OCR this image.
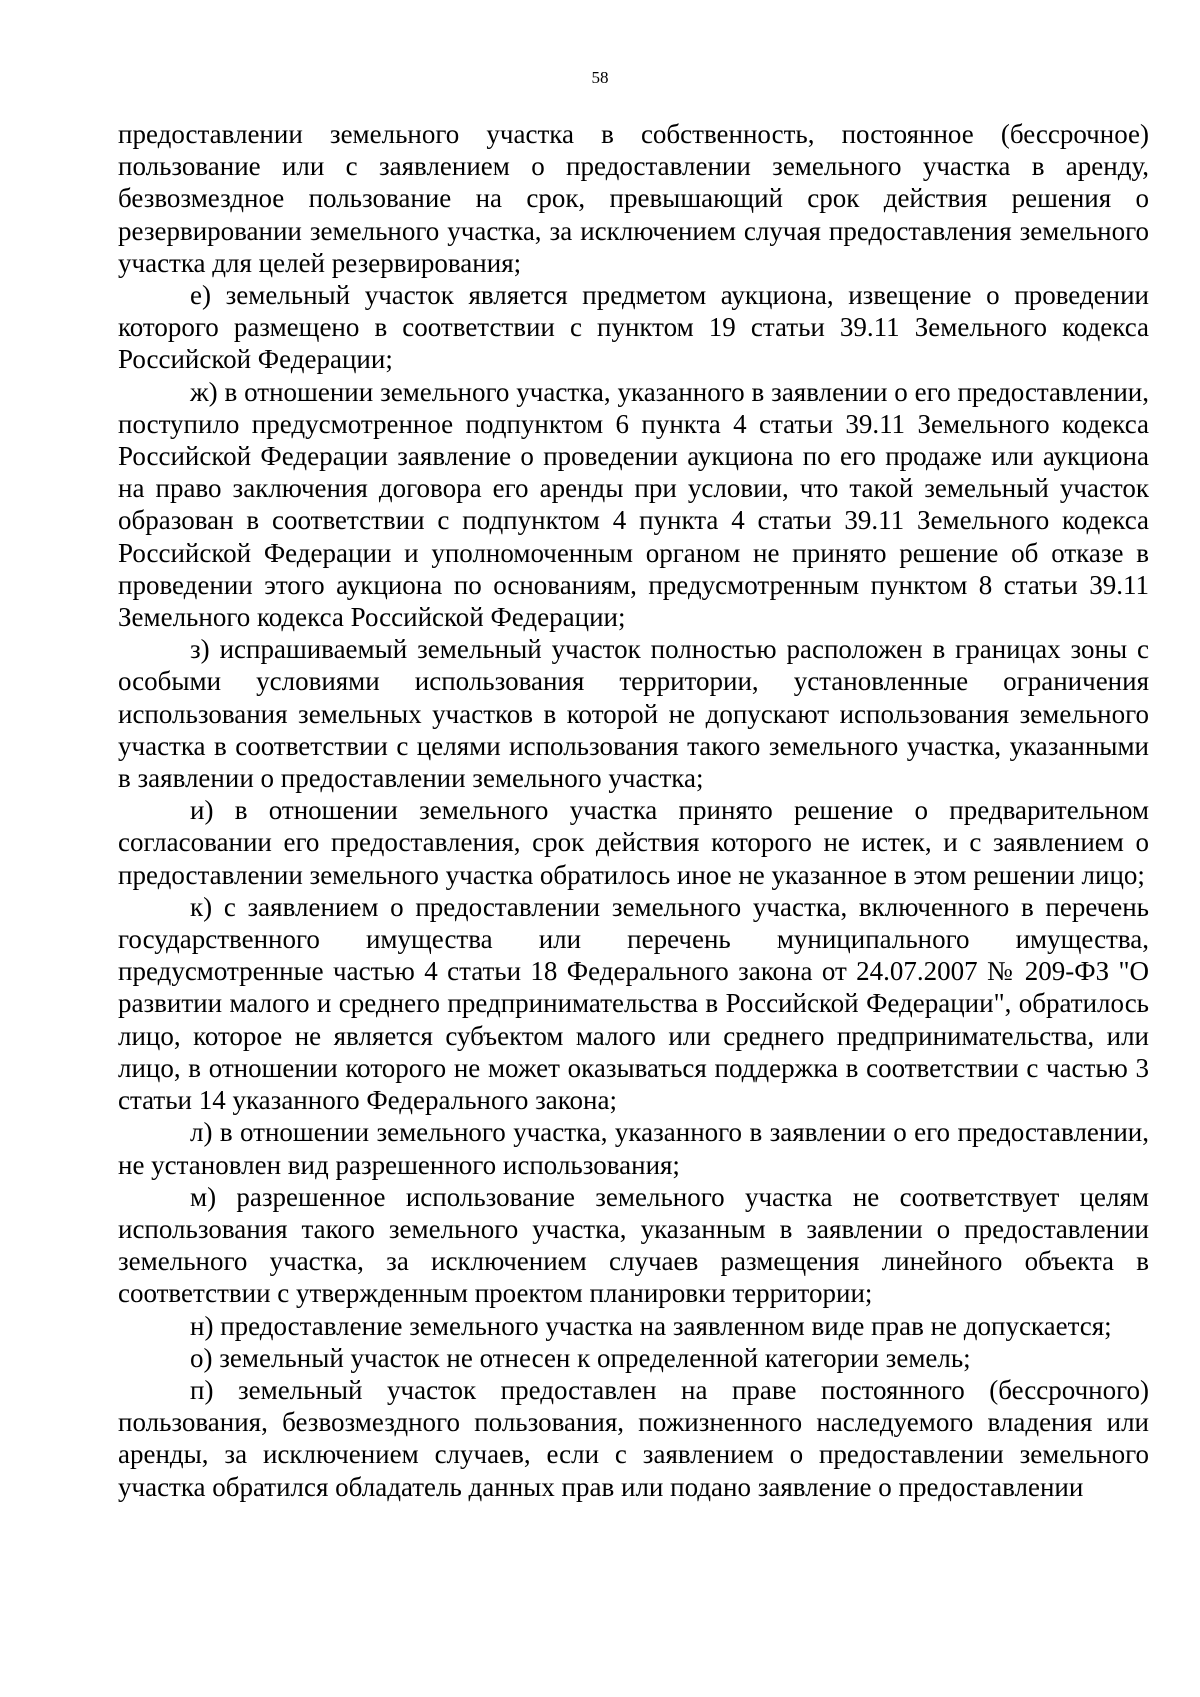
58

предоставлении земельного участка в собственность, постоянное (бессрочное) пользование или с заявлением о предоставлении земельного участка в аренду, безвозмездное пользование на срок, превышающий срок действия решения о резервировании земельного участка, за исключением случая предоставления земельного участка для целей резервирования;

е) земельный участок является предметом аукциона, извещение о проведении которого размещено в соответствии с пунктом 19 статьи 39.11 Земельного кодекса Российской Федерации;

ж) в отношении земельного участка, указанного в заявлении о его предоставлении, поступило предусмотренное подпунктом 6 пункта 4 статьи 39.11 Земельного кодекса Российской Федерации заявление о проведении аукциона по его продаже или аукциона на право заключения договора его аренды при условии, что такой земельный участок образован в соответствии с подпунктом 4 пункта 4 статьи 39.11 Земельного кодекса Российской Федерации и уполномоченным органом не принято решение об отказе в проведении этого аукциона по основаниям, предусмотренным пунктом 8 статьи 39.11 Земельного кодекса Российской Федерации;

з) испрашиваемый земельный участок полностью расположен в границах зоны с особыми условиями использования территории, установленные ограничения использования земельных участков в которой не допускают использования земельного участка в соответствии с целями использования такого земельного участка, указанными в заявлении о предоставлении земельного участка;

и) в отношении земельного участка принято решение о предварительном согласовании его предоставления, срок действия которого не истек, и с заявлением о предоставлении земельного участка обратилось иное не указанное в этом решении лицо;

к) с заявлением о предоставлении земельного участка, включенного в перечень государственного имущества или перечень муниципального имущества, предусмотренные частью 4 статьи 18 Федерального закона от 24.07.2007 № 209-ФЗ "О развитии малого и среднего предпринимательства в Российской Федерации", обратилось лицо, которое не является субъектом малого или среднего предпринимательства, или лицо, в отношении которого не может оказываться поддержка в соответствии с частью 3 статьи 14 указанного Федерального закона;

л) в отношении земельного участка, указанного в заявлении о его предоставлении, не установлен вид разрешенного использования;

м) разрешенное использование земельного участка не соответствует целям использования такого земельного участка, указанным в заявлении о предоставлении земельного участка, за исключением случаев размещения линейного объекта в соответствии с утвержденным проектом планировки территории;

н) предоставление земельного участка на заявленном виде прав не допускается;

о) земельный участок не отнесен к определенной категории земель;

п) земельный участок предоставлен на праве постоянного (бессрочного) пользования, безвозмездного пользования, пожизненного наследуемого владения или аренды, за исключением случаев, если с заявлением о предоставлении земельного участка обратился обладатель данных прав или подано заявление о предоставлении
